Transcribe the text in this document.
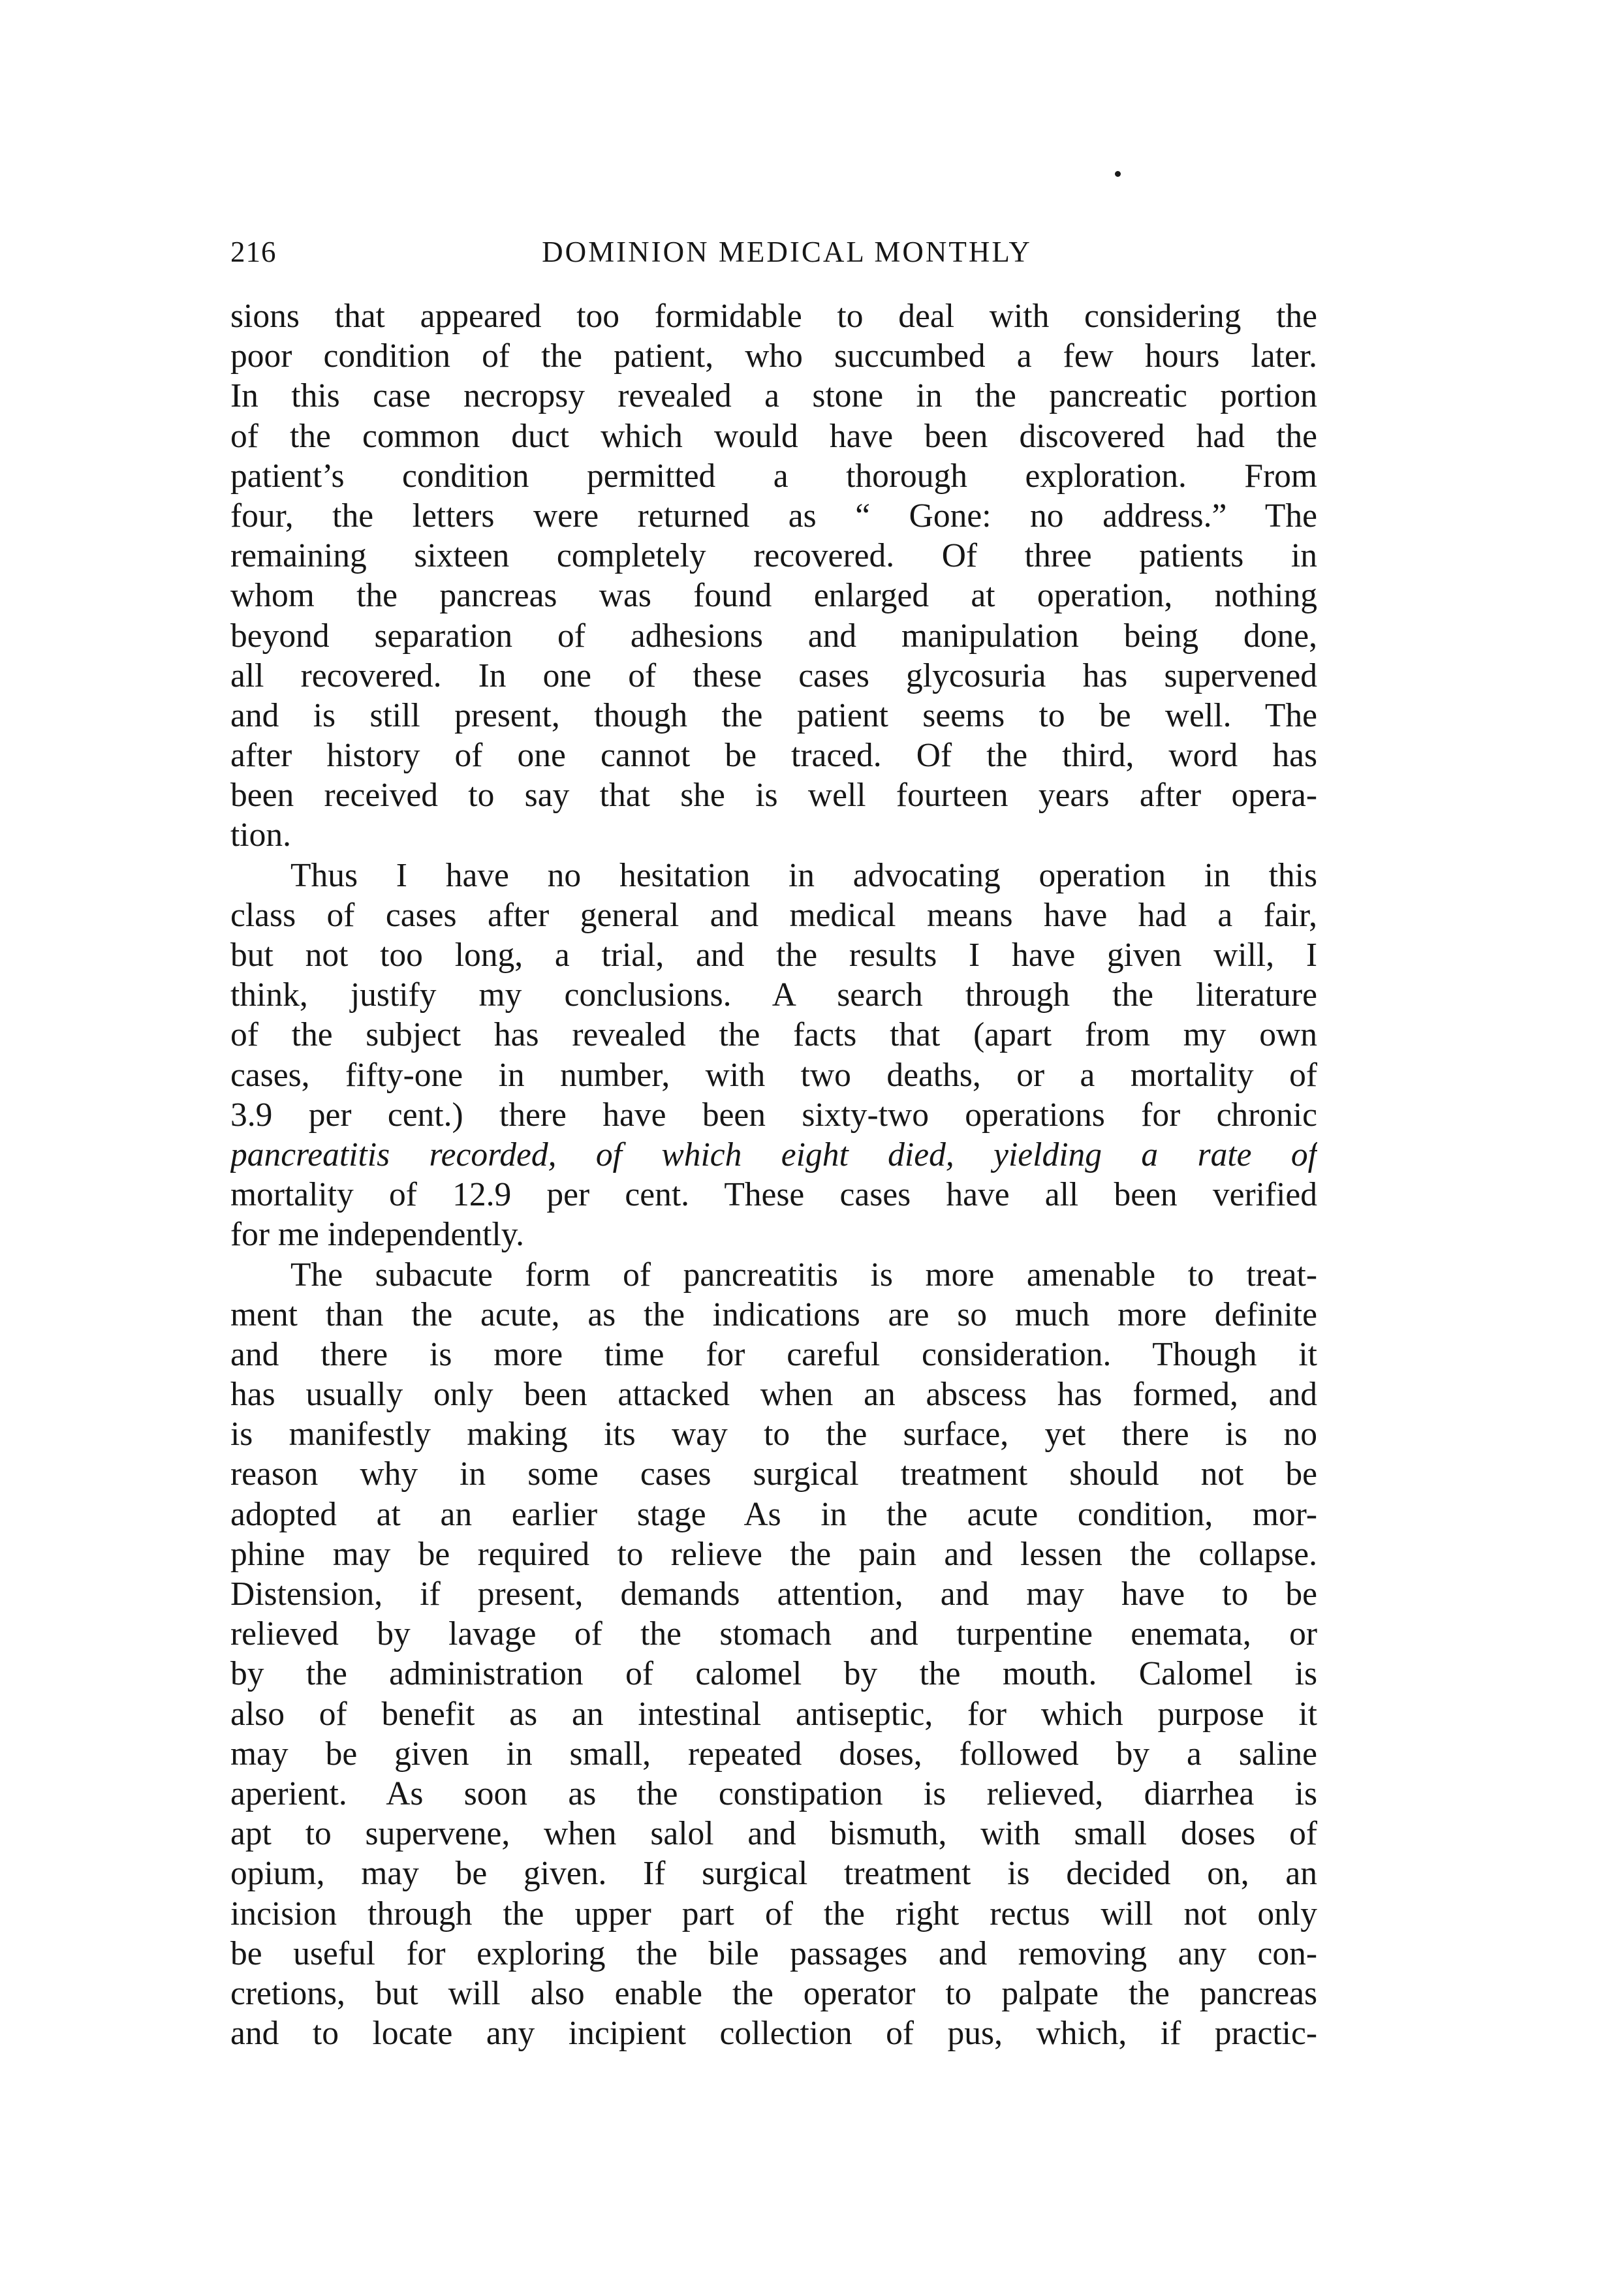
216	DOMINION MEDICAL MONTHLY
sions that appeared too formidable to deal with considering the
poor condition of the patient, who succumbed a few hours later.
In this case necropsy revealed a stone in the pancreatic portion
of the common duct which would have been discovered had the
patient’s condition permitted a thorough exploration. From
four, the letters were returned as “ Gone: no address.” The
remaining sixteen completely recovered. Of three patients in
whom the pancreas was found enlarged at operation, nothing
beyond separation of adhesions and manipulation being done,
all recovered. In one of these cases glycosuria has supervened
and is still present, though the patient seems to be well. The
after history of one cannot be traced. Of the third, word has
been received to say that she is well fourteen years after opera-
tion.
Thus I have no hesitation in advocating operation in this
class of cases after general and medical means have had a fair,
but not too long, a trial, and the results I have given will, I
think, justify my conclusions. A search through the literature
of the subject has revealed the facts that (apart from my own
cases, fifty-one in number, with two deaths, or a mortality of
3.9 per cent.) there have been sixty-two operations for chronic
pancreatitis recorded, of which eight died, yielding a rate of
mortality of 12.9 per cent. These cases have all been verified
for me independently.
The subacute form of pancreatitis is more amenable to treat-
ment than the acute, as the indications are so much more definite
and there is more time for careful consideration. Though it
has usually only been attacked when an abscess has formed, and
is manifestly making its way to the surface, yet there is no
reason why in some cases surgical treatment should not be
adopted at an earlier stage As in the acute condition, mor-
phine may be required to relieve the pain and lessen the collapse.
Distension, if present, demands attention, and may have to be
relieved by lavage of the stomach and turpentine enemata, or
by the administration of calomel by the mouth. Calomel is
also of benefit as an intestinal antiseptic, for which purpose it
may be given in small, repeated doses, followed by a saline
aperient. As soon as the constipation is relieved, diarrhea is
apt to supervene, when salol and bismuth, with small doses of
opium, may be given. If surgical treatment is decided on, an
incision through the upper part of the right rectus will not only
be useful for exploring the bile passages and removing any con-
cretions, but will also enable the operator to palpate the pancreas
and to locate any incipient collection of pus, which, if practic-
